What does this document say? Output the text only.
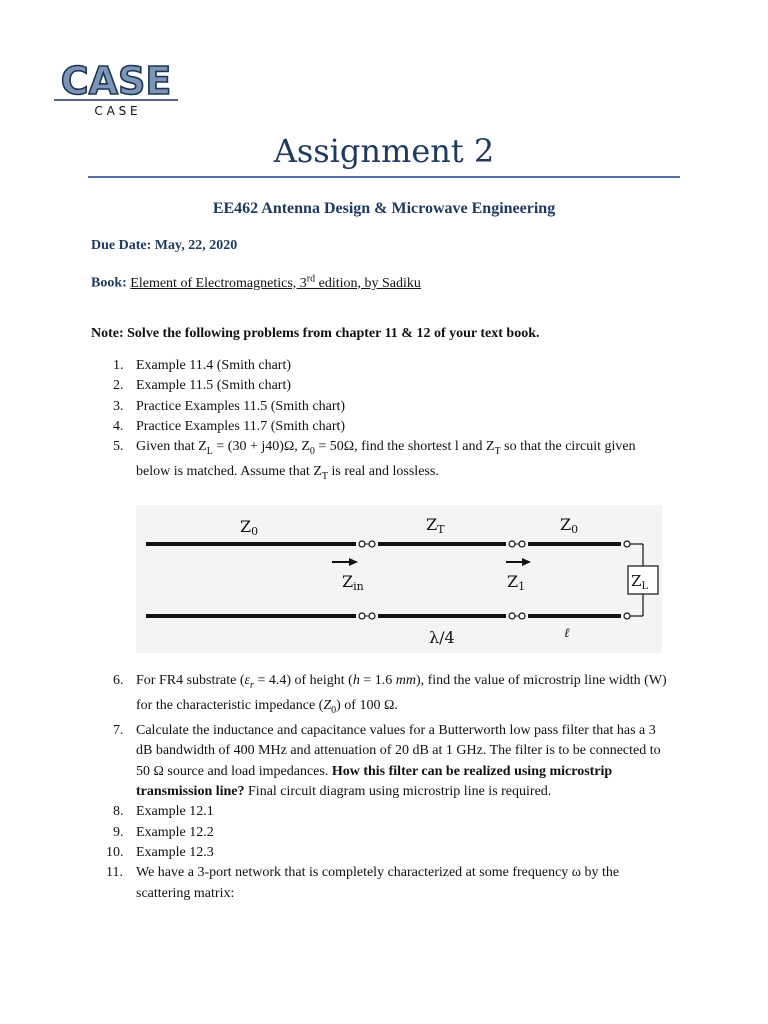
CASE
C A S E
Assignment 2
EE462 Antenna Design & Microwave Engineering
Due Date: May, 22, 2020
Book: Element of Electromagnetics, 3rd edition, by Sadiku
Note: Solve the following problems from chapter 11 & 12 of your text book.
1. Example 11.4 (Smith chart)
2. Example 11.5 (Smith chart)
3. Practice Examples 11.5 (Smith chart)
4. Practice Examples 11.7 (Smith chart)
5. Given that $Z_L = (30 + j40)\Omega$, $Z_0 = 50\Omega$, find the shortest l and $Z_T$ so that the circuit given below is matched. Assume that $Z_T$ is real and lossless.
Z0	ZT	Z0
Zin	Z1	$Z_L$
λ/4	ℓ
6. For FR4 substrate $(\varepsilon_r = 4.4)$ of height (h = 1.6 mm), find the value of microstrip line width (W) for the characteristic impedance $(Z_0)$ of 100 Ω.
7. Calculate the inductance and capacitance values for a Butterworth low pass filter that has a 3 dB bandwidth of 400 MHz and attenuation of 20 dB at 1 GHz. The filter is to be connected to 50 Ω source and load impedances. How this filter can be realized using microstrip transmission line? Final circuit diagram using microstrip line is required.
8. Example 12.1
9. Example 12.2
10. Example 12.3
11. We have a 3-port network that is completely characterized at some frequency ω by the scattering matrix:
